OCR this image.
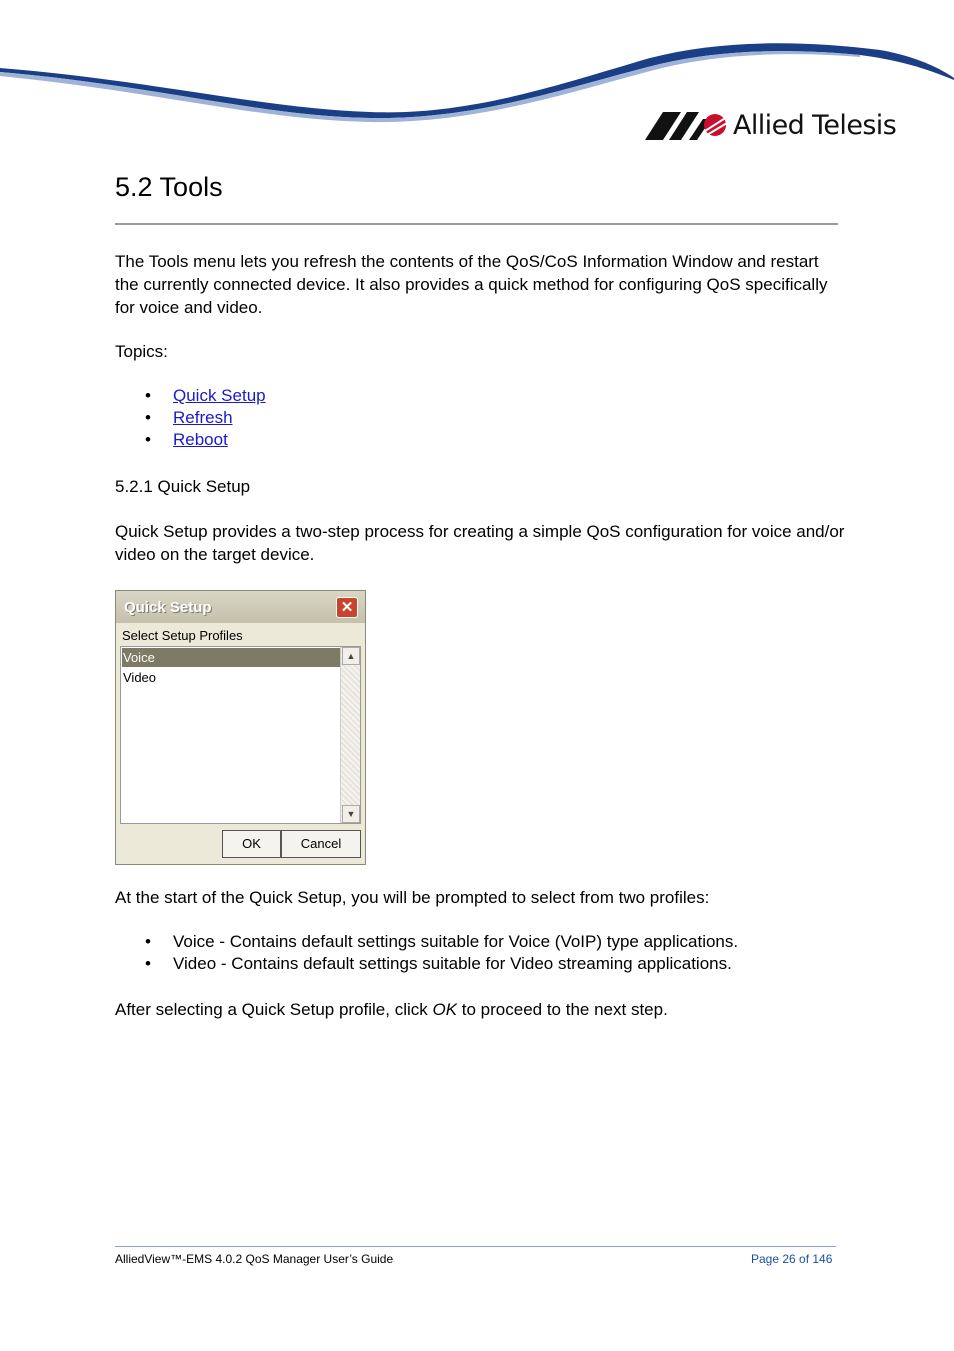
Allied Telesis
5.2 Tools

The Tools menu lets you refresh the contents of the QoS/CoS Information Window and restart the currently connected device. It also provides a quick method for configuring QoS specifically for voice and video.

Topics:

• Quick Setup
• Refresh
• Reboot
5.2.1 Quick Setup

Quick Setup provides a two-step process for creating a simple QoS configuration for voice and/or video on the target device.

Quick Setup	✕
Select Setup Profiles
Voice
Video
▲
▼
OK	Cancel

At the start of the Quick Setup, you will be prompted to select from two profiles:

• Voice - Contains default settings suitable for Voice (VoIP) type applications.
• Video - Contains default settings suitable for Video streaming applications.

After selecting a Quick Setup profile, click OK to proceed to the next step.

AlliedView™-EMS 4.0.2 QoS Manager User’s Guide	Page 26 of 146
